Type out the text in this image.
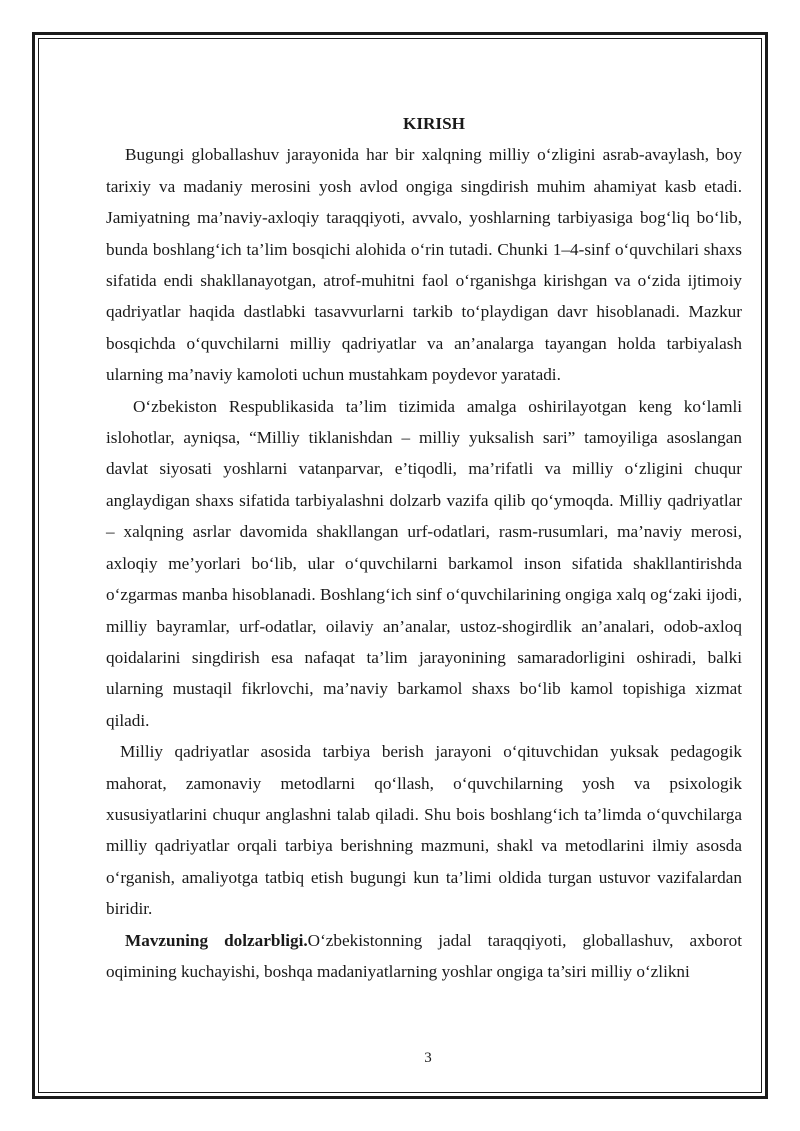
KIRISH

Bugungi globallashuv jarayonida har bir xalqning milliy o‘zligini asrab-avaylash, boy tarixiy va madaniy merosini yosh avlod ongiga singdirish muhim ahamiyat kasb etadi. Jamiyatning ma’naviy-axloqiy taraqqiyoti, avvalo, yoshlarning tarbiyasiga bog‘liq bo‘lib, bunda boshlang‘ich ta’lim bosqichi alohida o‘rin tutadi. Chunki 1–4-sinf o‘quvchilari shaxs sifatida endi shakllanayotgan, atrof-muhitni faol o‘rganishga kirishgan va o‘zida ijtimoiy qadriyatlar haqida dastlabki tasavvurlarni tarkib to‘playdigan davr hisoblanadi. Mazkur bosqichda o‘quvchilarni milliy qadriyatlar va an’analarga tayangan holda tarbiyalash ularning ma’naviy kamoloti uchun mustahkam poydevor yaratadi.

O‘zbekiston Respublikasida ta’lim tizimida amalga oshirilayotgan keng ko‘lamli islohotlar, ayniqsa, “Milliy tiklanishdan – milliy yuksalish sari” tamoyiliga asoslangan davlat siyosati yoshlarni vatanparvar, e’tiqodli, ma’rifatli va milliy o‘zligini chuqur anglaydigan shaxs sifatida tarbiyalashni dolzarb vazifa qilib qo‘ymoqda. Milliy qadriyatlar – xalqning asrlar davomida shakllangan urf-odatlari, rasm-rusumlari, ma’naviy merosi, axloqiy me’yorlari bo‘lib, ular o‘quvchilarni barkamol inson sifatida shakllantirishda o‘zgarmas manba hisoblanadi. Boshlang‘ich sinf o‘quvchilarining ongiga xalq og‘zaki ijodi, milliy bayramlar, urf-odatlar, oilaviy an’analar, ustoz-shogirdlik an’analari, odob-axloq qoidalarini singdirish esa nafaqat ta’lim jarayonining samaradorligini oshiradi, balki ularning mustaqil fikrlovchi, ma’naviy barkamol shaxs bo‘lib kamol topishiga xizmat qiladi.

Milliy qadriyatlar asosida tarbiya berish jarayoni o‘qituvchidan yuksak pedagogik mahorat, zamonaviy metodlarni qo‘llash, o‘quvchilarning yosh va psixologik xususiyatlarini chuqur anglashni talab qiladi. Shu bois boshlang‘ich ta’limda o‘quvchilarga milliy qadriyatlar orqali tarbiya berishning mazmuni, shakl va metodlarini ilmiy asosda o‘rganish, amaliyotga tatbiq etish bugungi kun ta’limi oldida turgan ustuvor vazifalardan biridir.

Mavzuning dolzarbligi.O‘zbekistonning jadal taraqqiyoti, globallashuv, axborot oqimining kuchayishi, boshqa madaniyatlarning yoshlar ongiga ta’siri milliy o‘zlikni

3
